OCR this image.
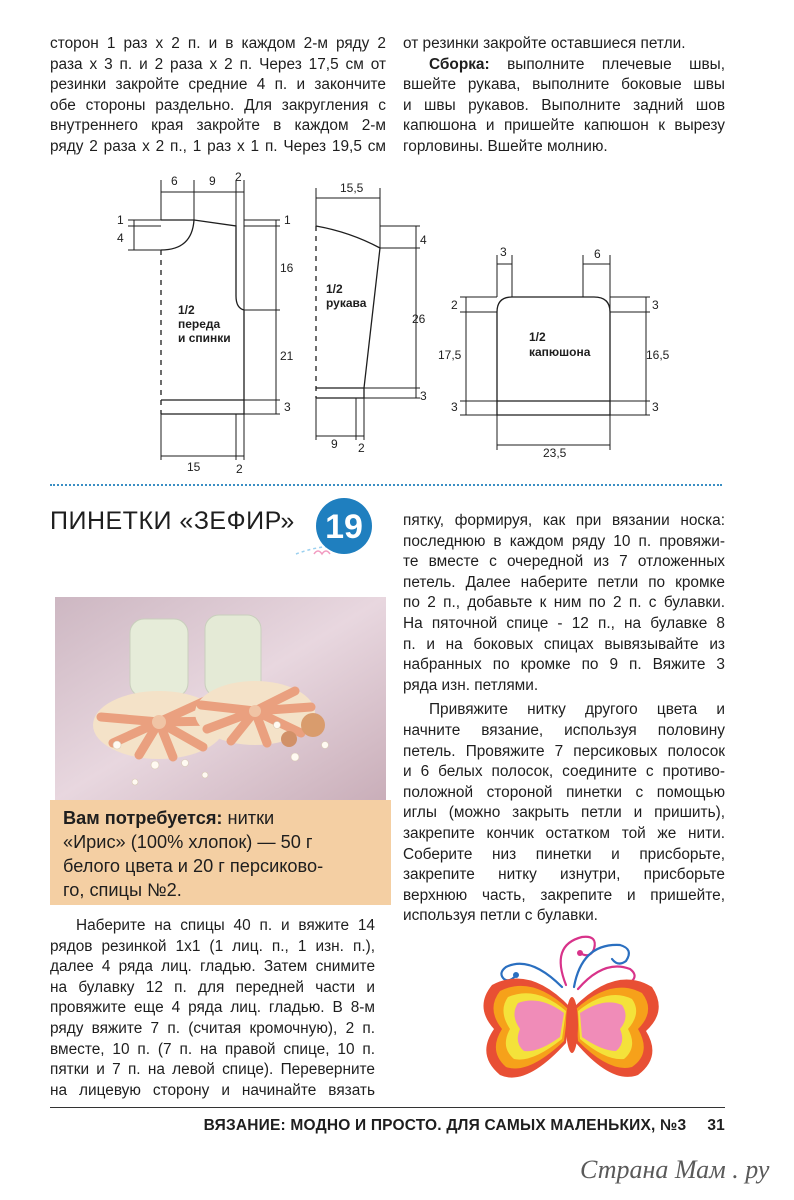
сторон 1 раз х 2 п. и в каждом 2-м ряду 2
раза х 3 п. и 2 раза х 2 п. Через 17,5 см от
резинки закройте средние 4 п. и закончите
обе стороны раздельно. Для закругления с
внутреннего края закройте в каждом 2-м
ряду 2 раза х 2 п., 1 раз х 1 п. Через 19,5 см
от резинки закройте оставшиеся петли.
Сборка: выполните плечевые швы,
вшейте рукава, выполните боковые швы
и швы рукавов. Выполните задний шов
капюшона и пришейте капюшон к вырезу
горловины. Вшейте молнию.
6	9 2
1
4
1
16
21
3
15	2
1/2
переда
и спинки
15,5
4
26
3
9 2
1/2
рукава
3	6
2
17,5
3
3
16,5
3
23,5
1/2
капюшона
ПИНЕТКИ «ЗЕФИР» 19
Вам потребуется: нитки
«Ирис» (100% хлопок) — 50 г
белого цвета и 20 г персиково-
го, спицы №2.
Наберите на спицы 40 п. и вяжите 14
рядов резинкой 1х1 (1 лиц. п., 1 изн. п.),
далее 4 ряда лиц. гладью. Затем снимите
на булавку 12 п. для передней части и
провяжите еще 4 ряда лиц. гладью. В 8-м
ряду вяжите 7 п. (считая кромочную), 2 п.
вместе, 10 п. (7 п. на правой спице, 10 п.
пятки и 7 п. на левой спице). Переверните
на лицевую сторону и начинайте вязать
пятку, формируя, как при вязании носка:
последнюю в каждом ряду 10 п. провяжи-
те вместе с очередной из 7 отложенных
петель. Далее наберите петли по кромке
по 2 п., добавьте к ним по 2 п. с булавки.
На пяточной спице - 12 п., на булавке 8
п. и на боковых спицах вывязывайте из
набранных по кромке по 9 п. Вяжите 3
ряда изн. петлями.
Привяжите нитку другого цвета и
начните вязание, используя половину
петель. Провяжите 7 персиковых полосок
и 6 белых полосок, соедините с противо-
положной стороной пинетки с помощью
иглы (можно закрыть петли и пришить),
закрепите кончик остатком той же нити.
Соберите низ пинетки и присборьте,
закрепите нитку изнутри, присборьте
верхнюю часть, закрепите и пришейте,
используя петли с булавки.
ВЯЗАНИЕ: МОДНО И ПРОСТО. ДЛЯ САМЫХ МАЛЕНЬКИХ, №3 31
Страна Мам . ру
